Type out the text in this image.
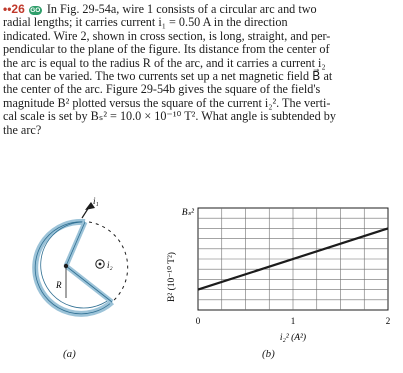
••26 GO In Fig. 29-54a, wire 1 consists of a circular arc and two

radial lengths; it carries current i₁ = 0.50 A in the direction

indicated. Wire 2, shown in cross section, is long, straight, and per-

pendicular to the plane of the figure. Its distance from the center of

the arc is equal to the radius R of the arc, and it carries a current i₂

that can be varied. The two currents set up a net magnetic field B⃗ at

the center of the arc. Figure 29-54b gives the square of the field's

magnitude B² plotted versus the square of the current i₂². The verti-

cal scale is set by Bₛ² = 10.0 × 10⁻¹⁰ T². What angle is subtended by

the arc?

i₁
i₂
R
(a)
0	1	2
i₂² (A²)
Bₛ²
B² (10⁻¹⁰ T²)
(b)
